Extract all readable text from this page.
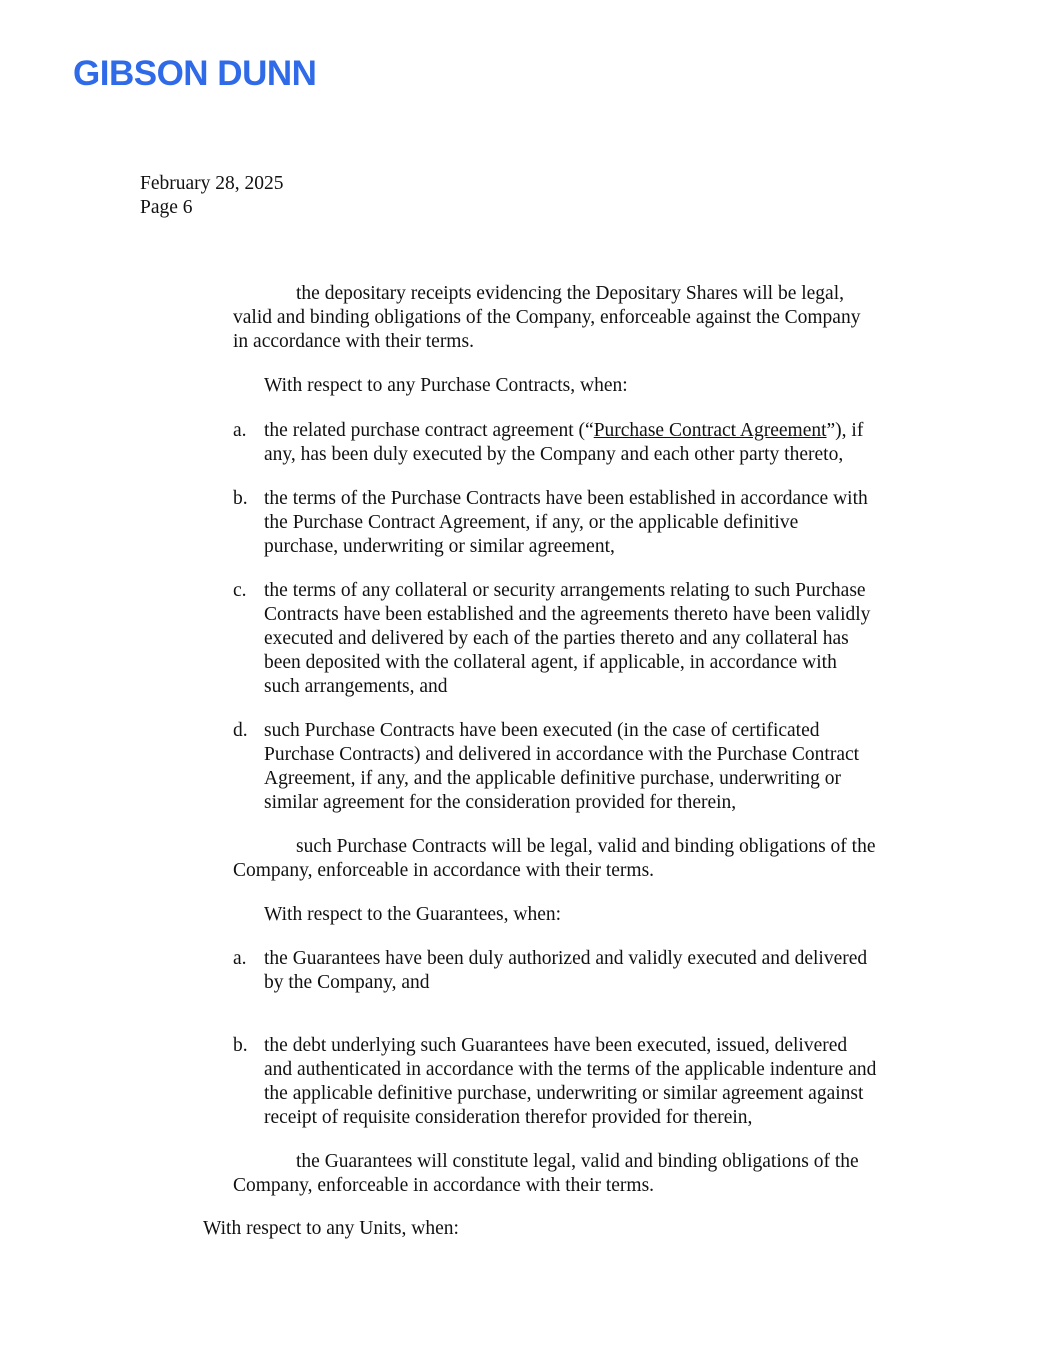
GIBSON DUNN
February 28, 2025
Page 6

the depositary receipts evidencing the Depositary Shares will be legal,

valid and binding obligations of the Company, enforceable against the Company

in accordance with their terms.

With respect to any Purchase Contracts, when:

a. the related purchase contract agreement (“Purchase Contract Agreement”), if

any, has been duly executed by the Company and each other party thereto,

b. the terms of the Purchase Contracts have been established in accordance with

the Purchase Contract Agreement, if any, or the applicable definitive

purchase, underwriting or similar agreement,

c. the terms of any collateral or security arrangements relating to such Purchase

Contracts have been established and the agreements thereto have been validly

executed and delivered by each of the parties thereto and any collateral has

been deposited with the collateral agent, if applicable, in accordance with

such arrangements, and

d. such Purchase Contracts have been executed (in the case of certificated

Purchase Contracts) and delivered in accordance with the Purchase Contract

Agreement, if any, and the applicable definitive purchase, underwriting or

similar agreement for the consideration provided for therein,

such Purchase Contracts will be legal, valid and binding obligations of the

Company, enforceable in accordance with their terms.

With respect to the Guarantees, when:

a. the Guarantees have been duly authorized and validly executed and delivered

by the Company, and

b. the debt underlying such Guarantees have been executed, issued, delivered

and authenticated in accordance with the terms of the applicable indenture and

the applicable definitive purchase, underwriting or similar agreement against

receipt of requisite consideration therefor provided for therein,

the Guarantees will constitute legal, valid and binding obligations of the

Company, enforceable in accordance with their terms.

With respect to any Units, when:
